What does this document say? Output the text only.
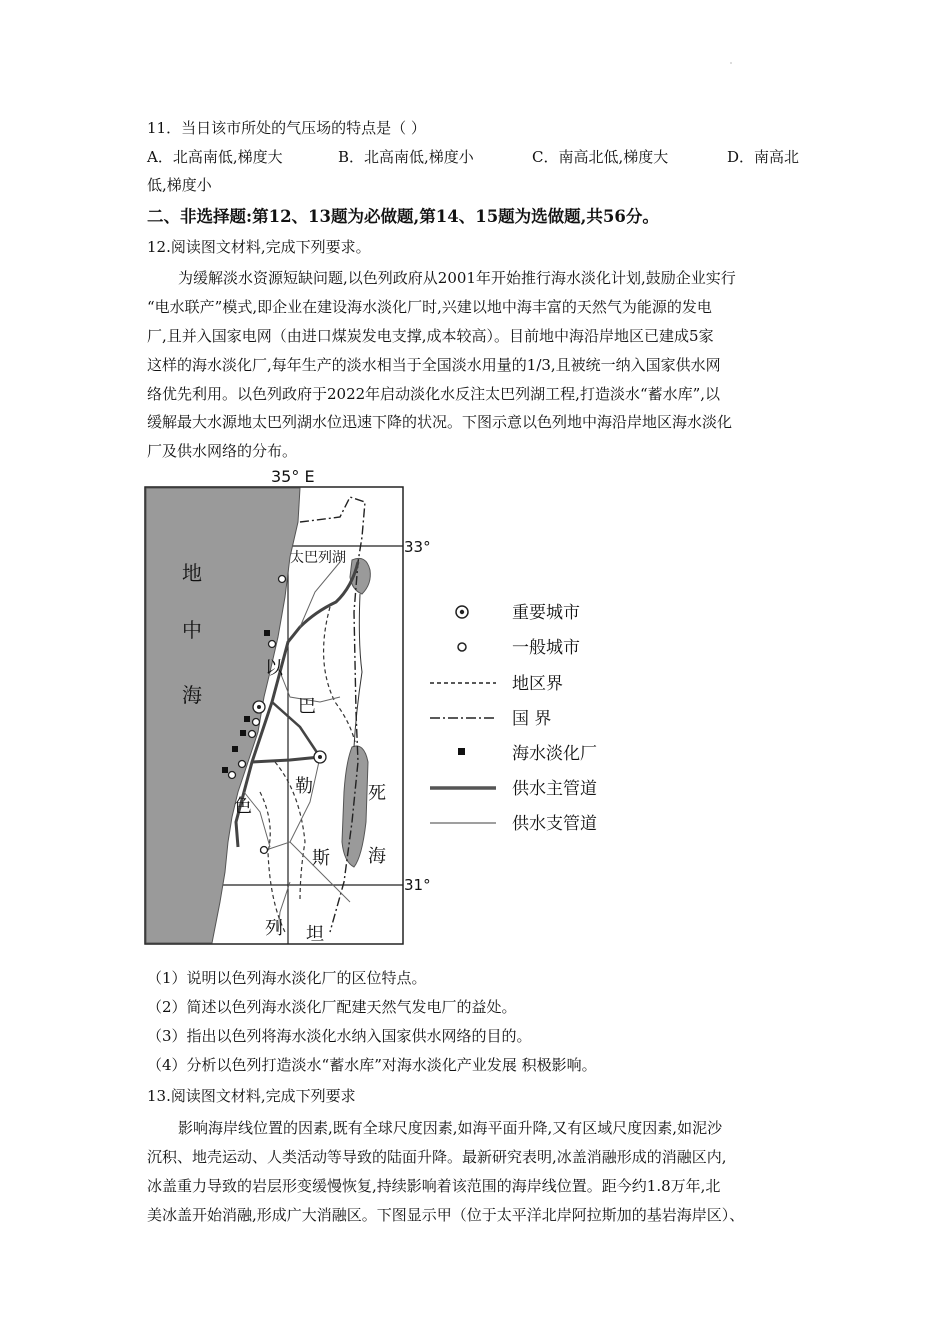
11．当日该市所处的气压场的特点是（ ）
A．北高南低,梯度大	B．北高南低,梯度小	C．南高北低,梯度大	D．南高北
低,梯度小
二、非选择题:第12、13题为必做题,第14、15题为选做题,共56分。
12.阅读图文材料,完成下列要求。
为缓解淡水资源短缺问题,以色列政府从2001年开始推行海水淡化计划,鼓励企业实行
“电水联产”模式,即企业在建设海水淡化厂时,兴建以地中海丰富的天然气为能源的发电
厂,且并入国家电网（由进口煤炭发电支撑,成本较高）。目前地中海沿岸地区已建成5家
这样的海水淡化厂,每年生产的淡水相当于全国淡水用量的1/3,且被统一纳入国家供水网
络优先利用。以色列政府于2022年启动淡化水反注太巴列湖工程,打造淡水“蓄水库”,以
缓解最大水源地太巴列湖水位迅速下降的状况。下图示意以色列地中海沿岸地区海水淡化
厂及供水网络的分布。
35° E
33°
31°
太巴列湖
地
中
海
以
色
列
巴
勒
斯
坦
死
海
重要城市
一般城市
地区界
国 界
海水淡化厂
供水主管道
供水支管道
（1）说明以色列海水淡化厂的区位特点。
（2）简述以色列海水淡化厂配建天然气发电厂的益处。
（3）指出以色列将海水淡化水纳入国家供水网络的目的。
（4）分析以色列打造淡水“蓄水库”对海水淡化产业发展 积极影响。
13.阅读图文材料,完成下列要求
影响海岸线位置的因素,既有全球尺度因素,如海平面升降,又有区域尺度因素,如泥沙
沉积、地壳运动、人类活动等导致的陆面升降。最新研究表明,冰盖消融形成的消融区内,
冰盖重力导致的岩层形变缓慢恢复,持续影响着该范围的海岸线位置。距今约1.8万年,北
美冰盖开始消融,形成广大消融区。下图显示甲（位于太平洋北岸阿拉斯加的基岩海岸区）、
